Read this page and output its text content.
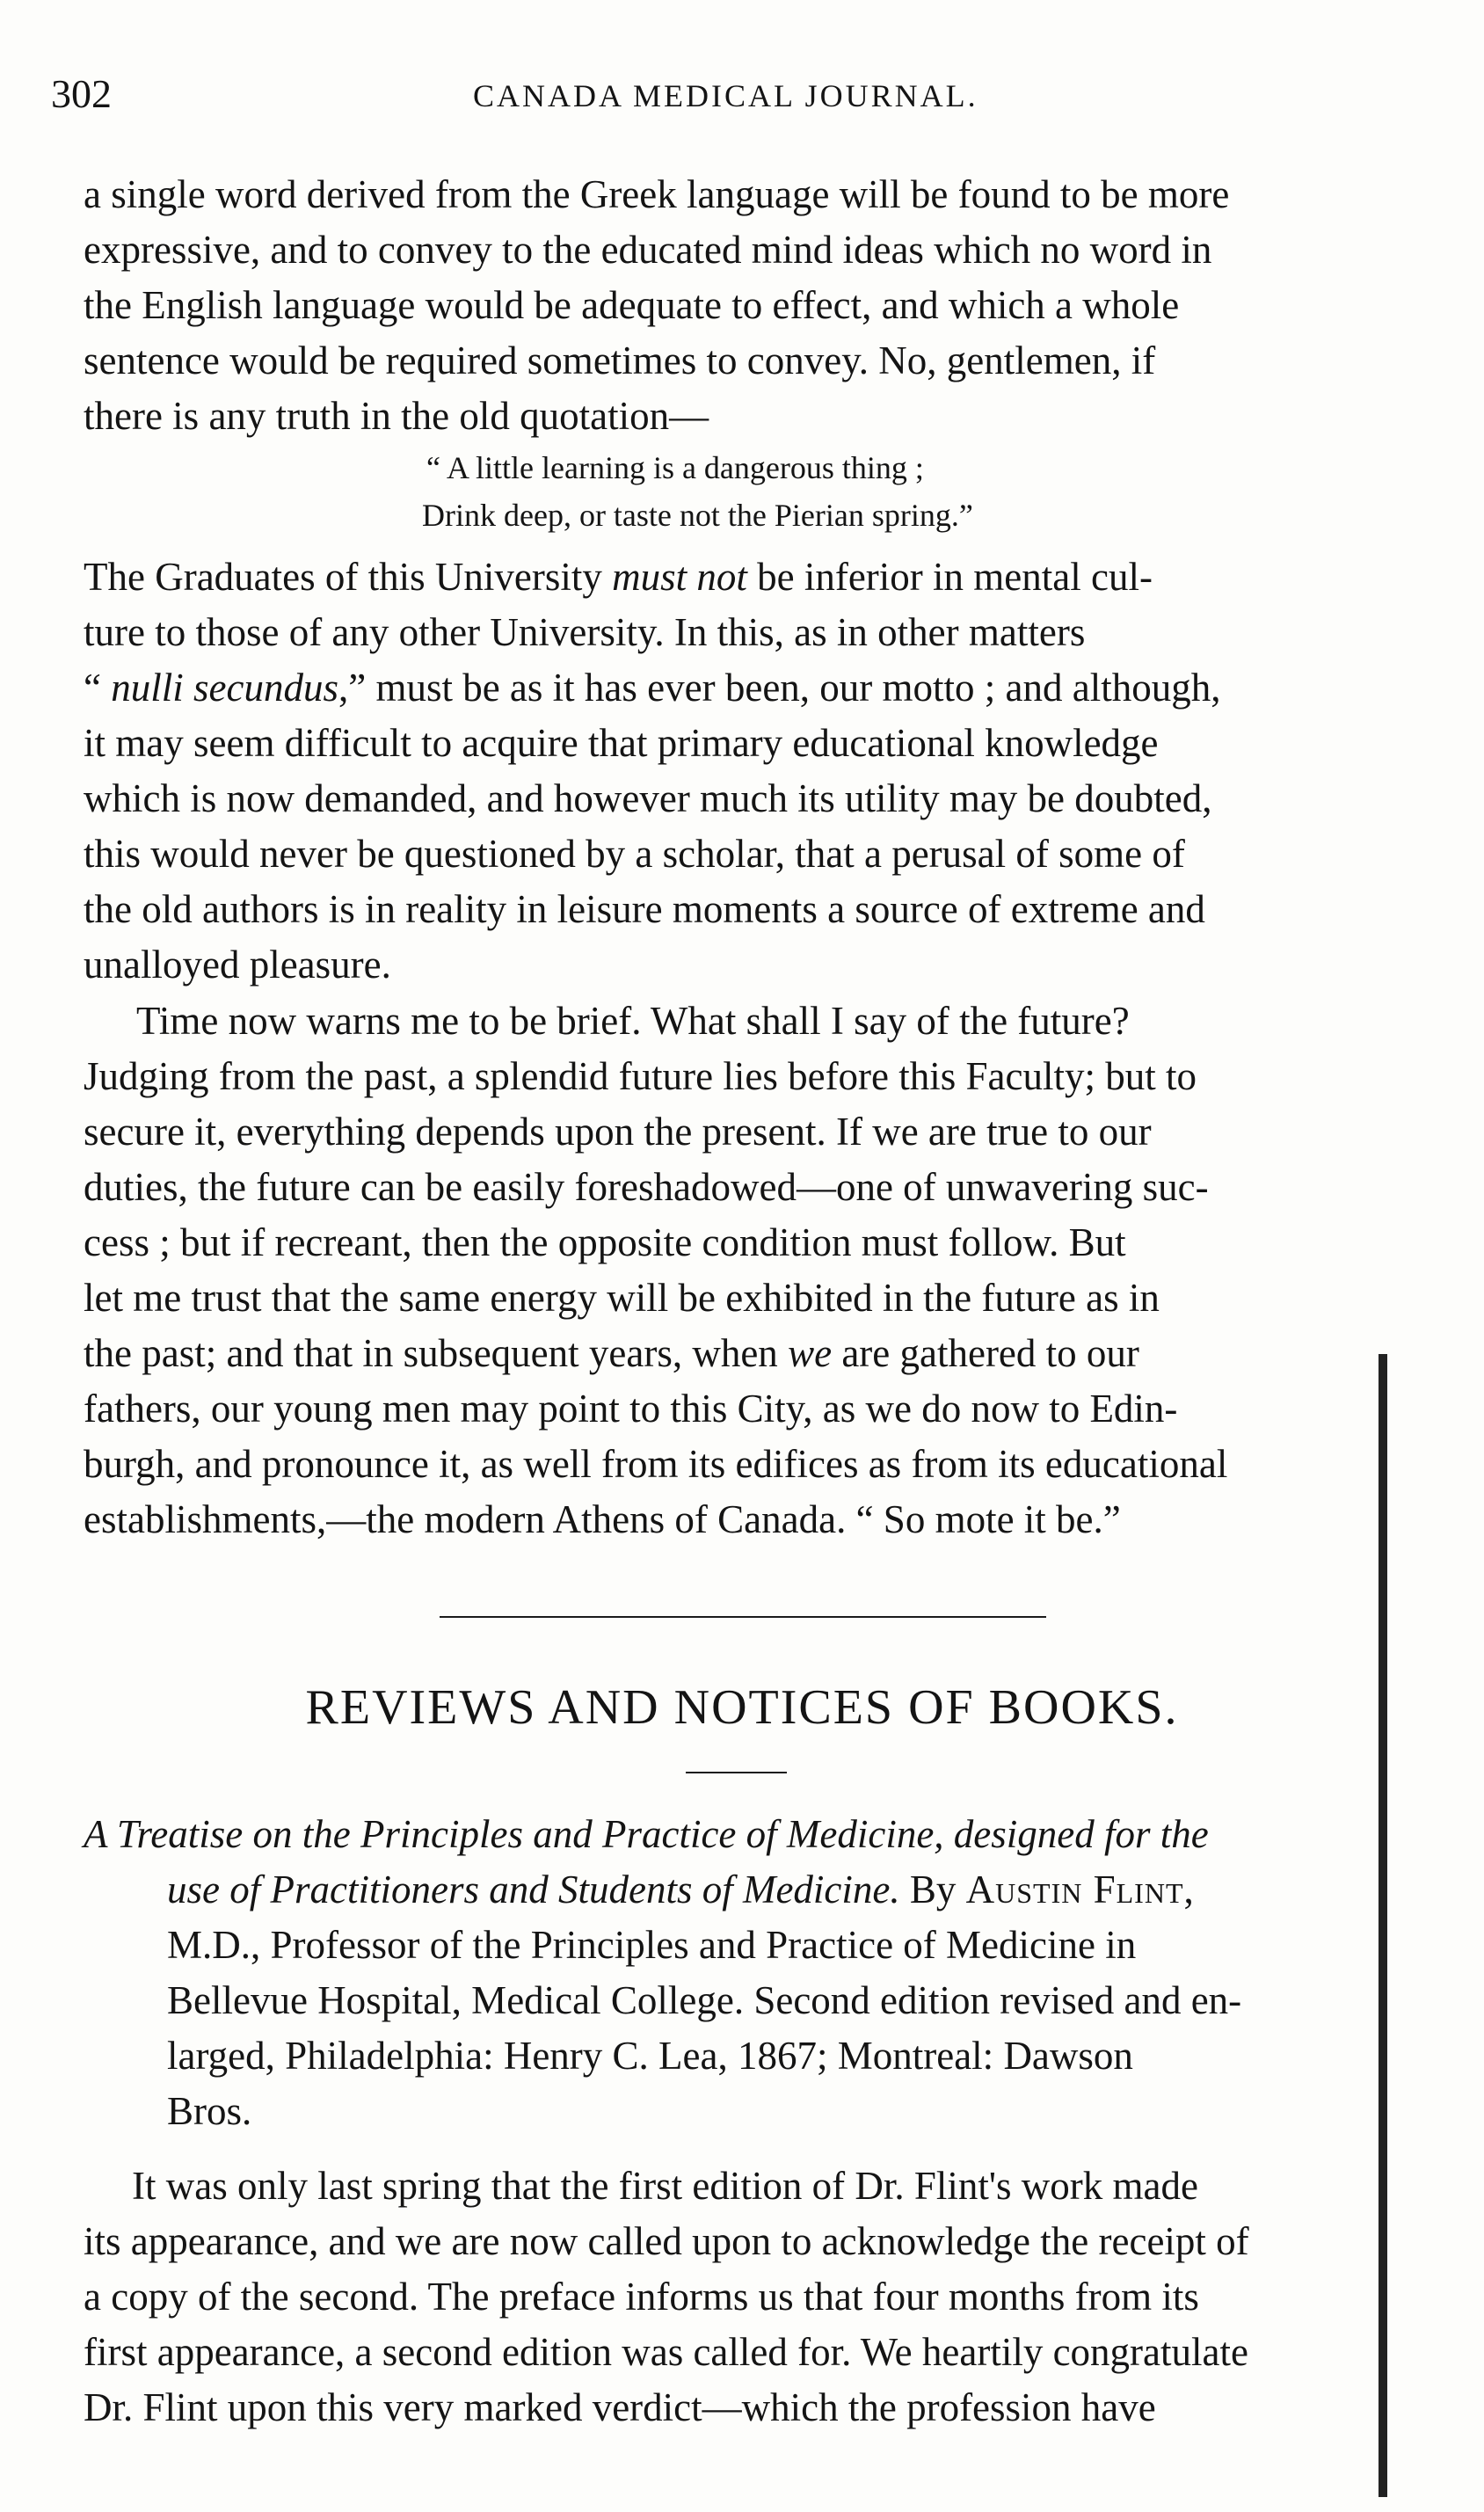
302	CANADA MEDICAL JOURNAL.

a single word derived from the Greek language will be found to be more
expressive, and to convey to the educated mind ideas which no word in
the English language would be adequate to effect, and which a whole
sentence would be required sometimes to convey. No, gentlemen, if
there is any truth in the old quotation—

“ A little learning is a dangerous thing ;
Drink deep, or taste not the Pierian spring.”

The Graduates of this University must not be inferior in mental cul-
ture to those of any other University. In this, as in other matters
“ nulli secundus,” must be as it has ever been, our motto ; and although,
it may seem difficult to acquire that primary educational knowledge
which is now demanded, and however much its utility may be doubted,
this would never be questioned by a scholar, that a perusal of some of
the old authors is in reality in leisure moments a source of extreme and
unalloyed pleasure.

Time now warns me to be brief. What shall I say of the future?
Judging from the past, a splendid future lies before this Faculty; but to
secure it, everything depends upon the present. If we are true to our
duties, the future can be easily foreshadowed—one of unwavering suc-
cess ; but if recreant, then the opposite condition must follow. But
let me trust that the same energy will be exhibited in the future as in
the past; and that in subsequent years, when we are gathered to our
fathers, our young men may point to this City, as we do now to Edin-
burgh, and pronounce it, as well from its edifices as from its educational
establishments,—the modern Athens of Canada. “ So mote it be.”

REVIEWS AND NOTICES OF BOOKS.
A Treatise on the Principles and Practice of Medicine, designed for the
use of Practitioners and Students of Medicine. By Austin Flint,
M.D., Professor of the Principles and Practice of Medicine in
Bellevue Hospital, Medical College. Second edition revised and en-
larged, Philadelphia: Henry C. Lea, 1867; Montreal: Dawson
Bros.

It was only last spring that the first edition of Dr. Flint's work made
its appearance, and we are now called upon to acknowledge the receipt of
a copy of the second. The preface informs us that four months from its
first appearance, a second edition was called for. We heartily congratulate
Dr. Flint upon this very marked verdict—which the profession have
